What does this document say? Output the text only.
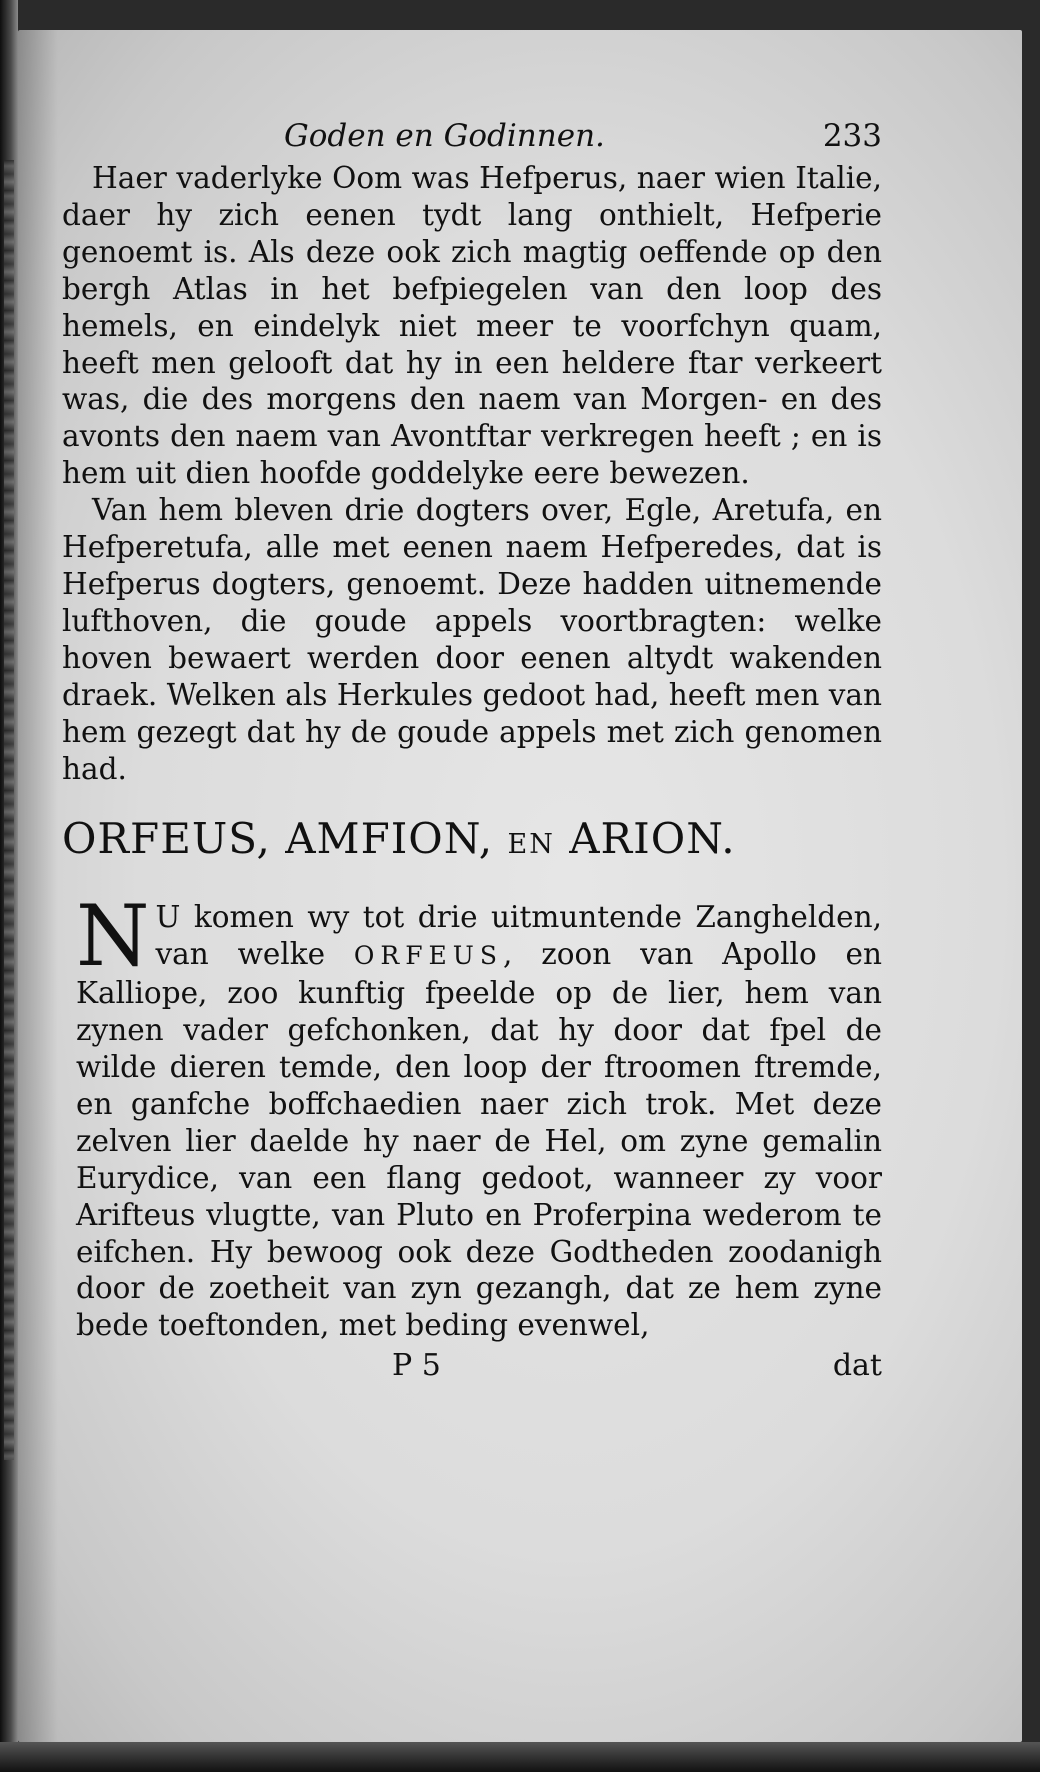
Goden en Godinnen.	233

Haer vaderlyke Oom was Hefperus, naer wien Italie, daer hy zich eenen tydt lang onthielt, Hefperie genoemt is. Als deze ook zich magtig oeffende op den bergh Atlas in het befpiegelen van den loop des hemels, en eindelyk niet meer te voorfchyn quam, heeft men gelooft dat hy in een heldere ftar verkeert was, die des morgens den naem van Morgen- en des avonts den naem van Avontftar verkregen heeft ; en is hem uit dien hoofde goddelyke eere bewezen.

Van hem bleven drie dogters over, Egle, Aretufa, en Hefperetufa, alle met eenen naem Hefperedes, dat is Hefperus dogters, genoemt. Deze hadden uitnemende lufthoven, die goude appels voortbragten: welke hoven bewaert werden door eenen altydt wakenden draek. Welken als Herkules gedoot had, heeft men van hem gezegt dat hy de goude appels met zich genomen had.

ORFEUS, AMFION, EN ARION.

N U komen wy tot drie uitmuntende Zanghelden, van welke ORFEUS, zoon van Apollo en Kalliope, zoo kunftig fpeelde op de lier, hem van zynen vader gefchonken, dat hy door dat fpel de wilde dieren temde, den loop der ftroomen ftremde, en ganfche boffchaedien naer zich trok. Met deze zelven lier daelde hy naer de Hel, om zyne gemalin Eurydice, van een flang gedoot, wanneer zy voor Arifteus vlugtte, van Pluto en Proferpina wederom te eifchen. Hy bewoog ook deze Godtheden zoodanigh door de zoetheit van zyn gezangh, dat ze hem zyne bede toeftonden, met beding evenwel,

P 5	dat
